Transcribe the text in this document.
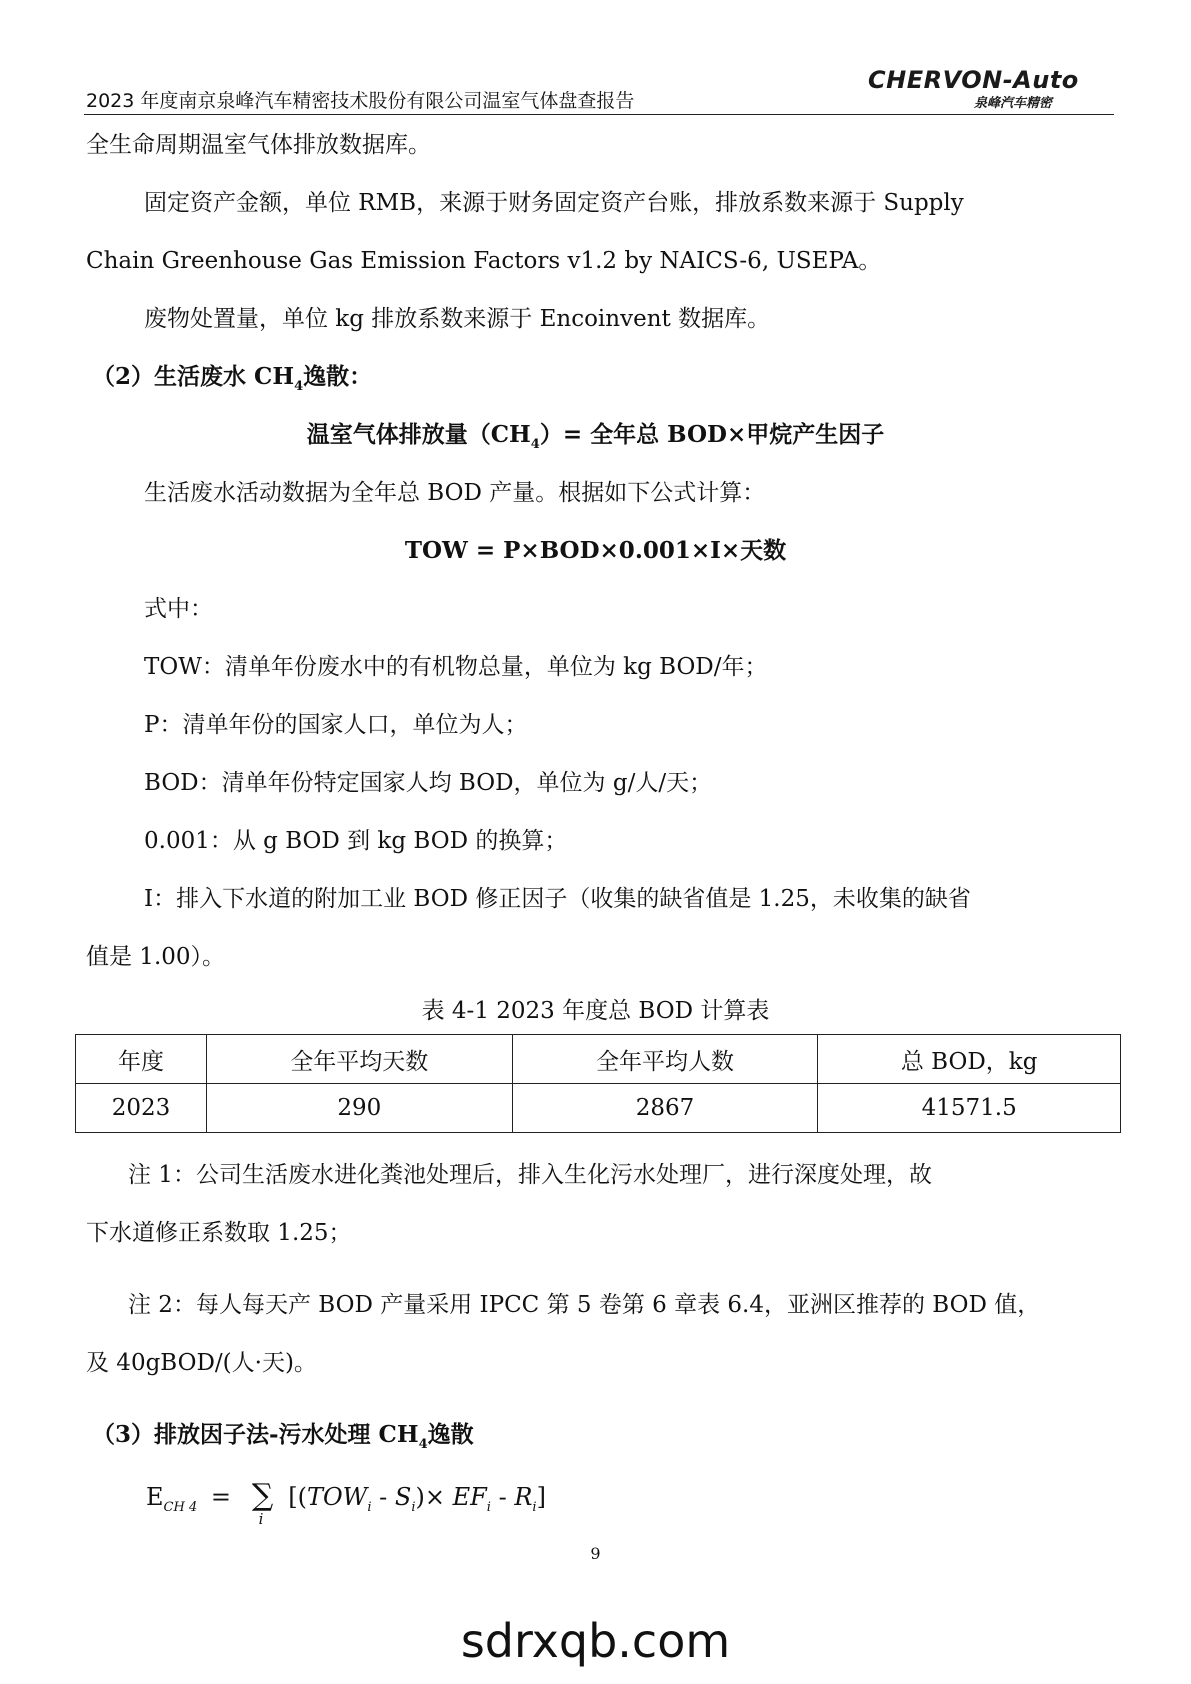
2023 年度南京泉峰汽车精密技术股份有限公司温室气体盘查报告
CHERVON-Auto
泉峰汽车精密
全生命周期温室气体排放数据库。
固定资产金额，单位 RMB，来源于财务固定资产台账，排放系数来源于 Supply
Chain Greenhouse Gas Emission Factors v1.2 by NAICS-6, USEPA。
废物处置量，单位 kg 排放系数来源于 Encoinvent 数据库。
（2）生活废水 $CH_4$逸散：
温室气体排放量$(CH_4)=$ 全年总 BOD×甲烷产生因子
生活废水活动数据为全年总 BOD 产量。根据如下公式计算：
TOW = P×BOD×0.001×I×天数
式中：
TOW：清单年份废水中的有机物总量，单位为 kg BOD/年；
P：清单年份的国家人口，单位为人；
BOD：清单年份特定国家人均 BOD，单位为 g/人/天；
0.001：从 g BOD 到 kg BOD 的换算；
I：排入下水道的附加工业 BOD 修正因子（收集的缺省值是 1.25，未收集的缺省
值是 1.00）。
表 4-1 2023 年度总 BOD 计算表
年度	全年平均天数	全年平均人数	总 BOD，kg
2023	290	2867	41571.5
注 1：公司生活废水进化粪池处理后，排入生化污水处理厂，进行深度处理，故
下水道修正系数取 1.25；
注 2：每人每天产 BOD 产量采用 IPCC 第 5 卷第 6 章表 6.4，亚洲区推荐的 BOD 值，
及 40gBOD/(人·天)。
（3）排放因子法-污水处理 $CH_4$逸散
$E_{CH 4}$ = ∑
i
$[(TOW_i - S_i)\times EF_i - R_i]$
9
sdrxqb.com
